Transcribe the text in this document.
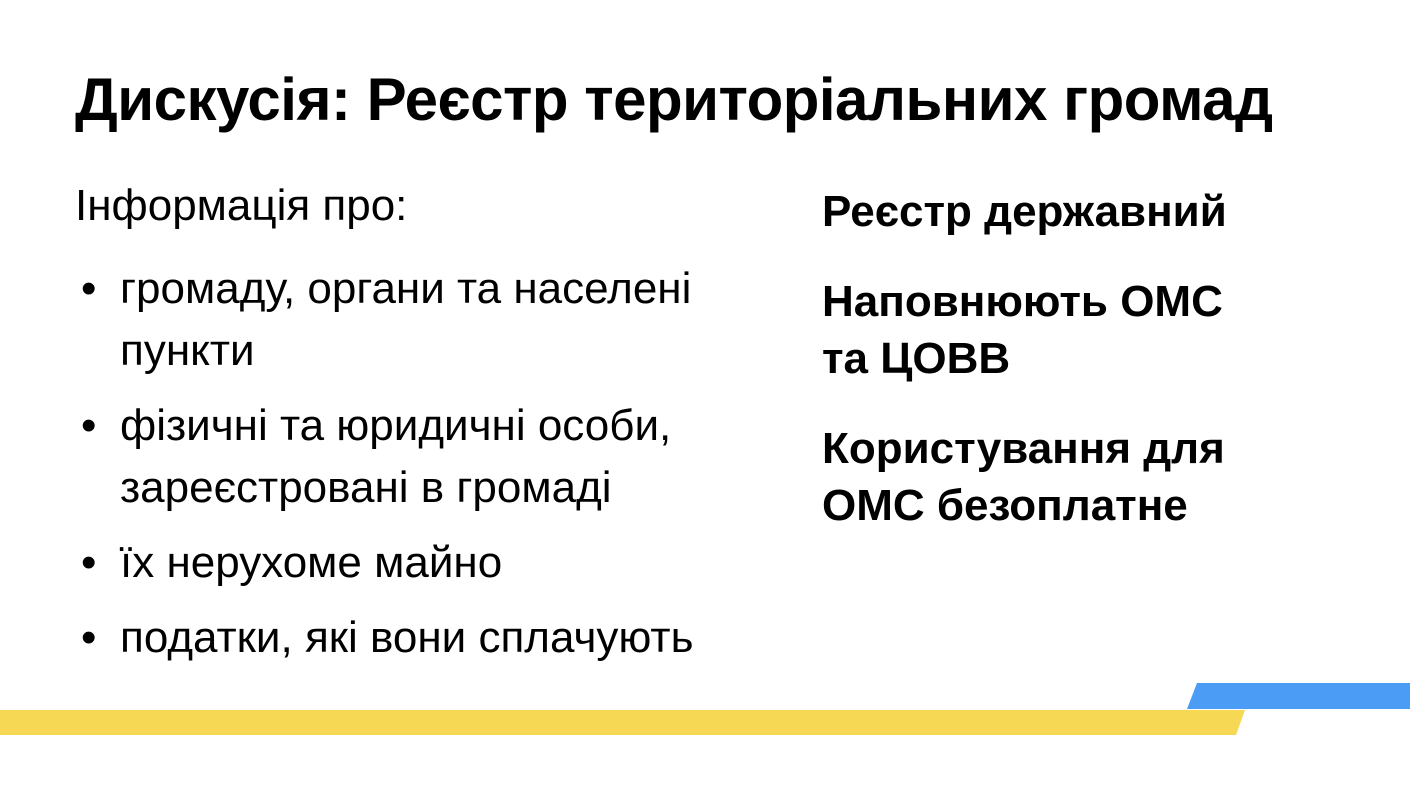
Дискусія: Реєстр територіальних громад

Інформація про:

• громаду, органи та населені пункти
• фізичні та юридичні особи, зареєстровані в громаді
• їх нерухоме майно
• податки, які вони сплачують

Реєстр державний

Наповнюють ОМС та ЦОВВ

Користування для ОМС безоплатне
